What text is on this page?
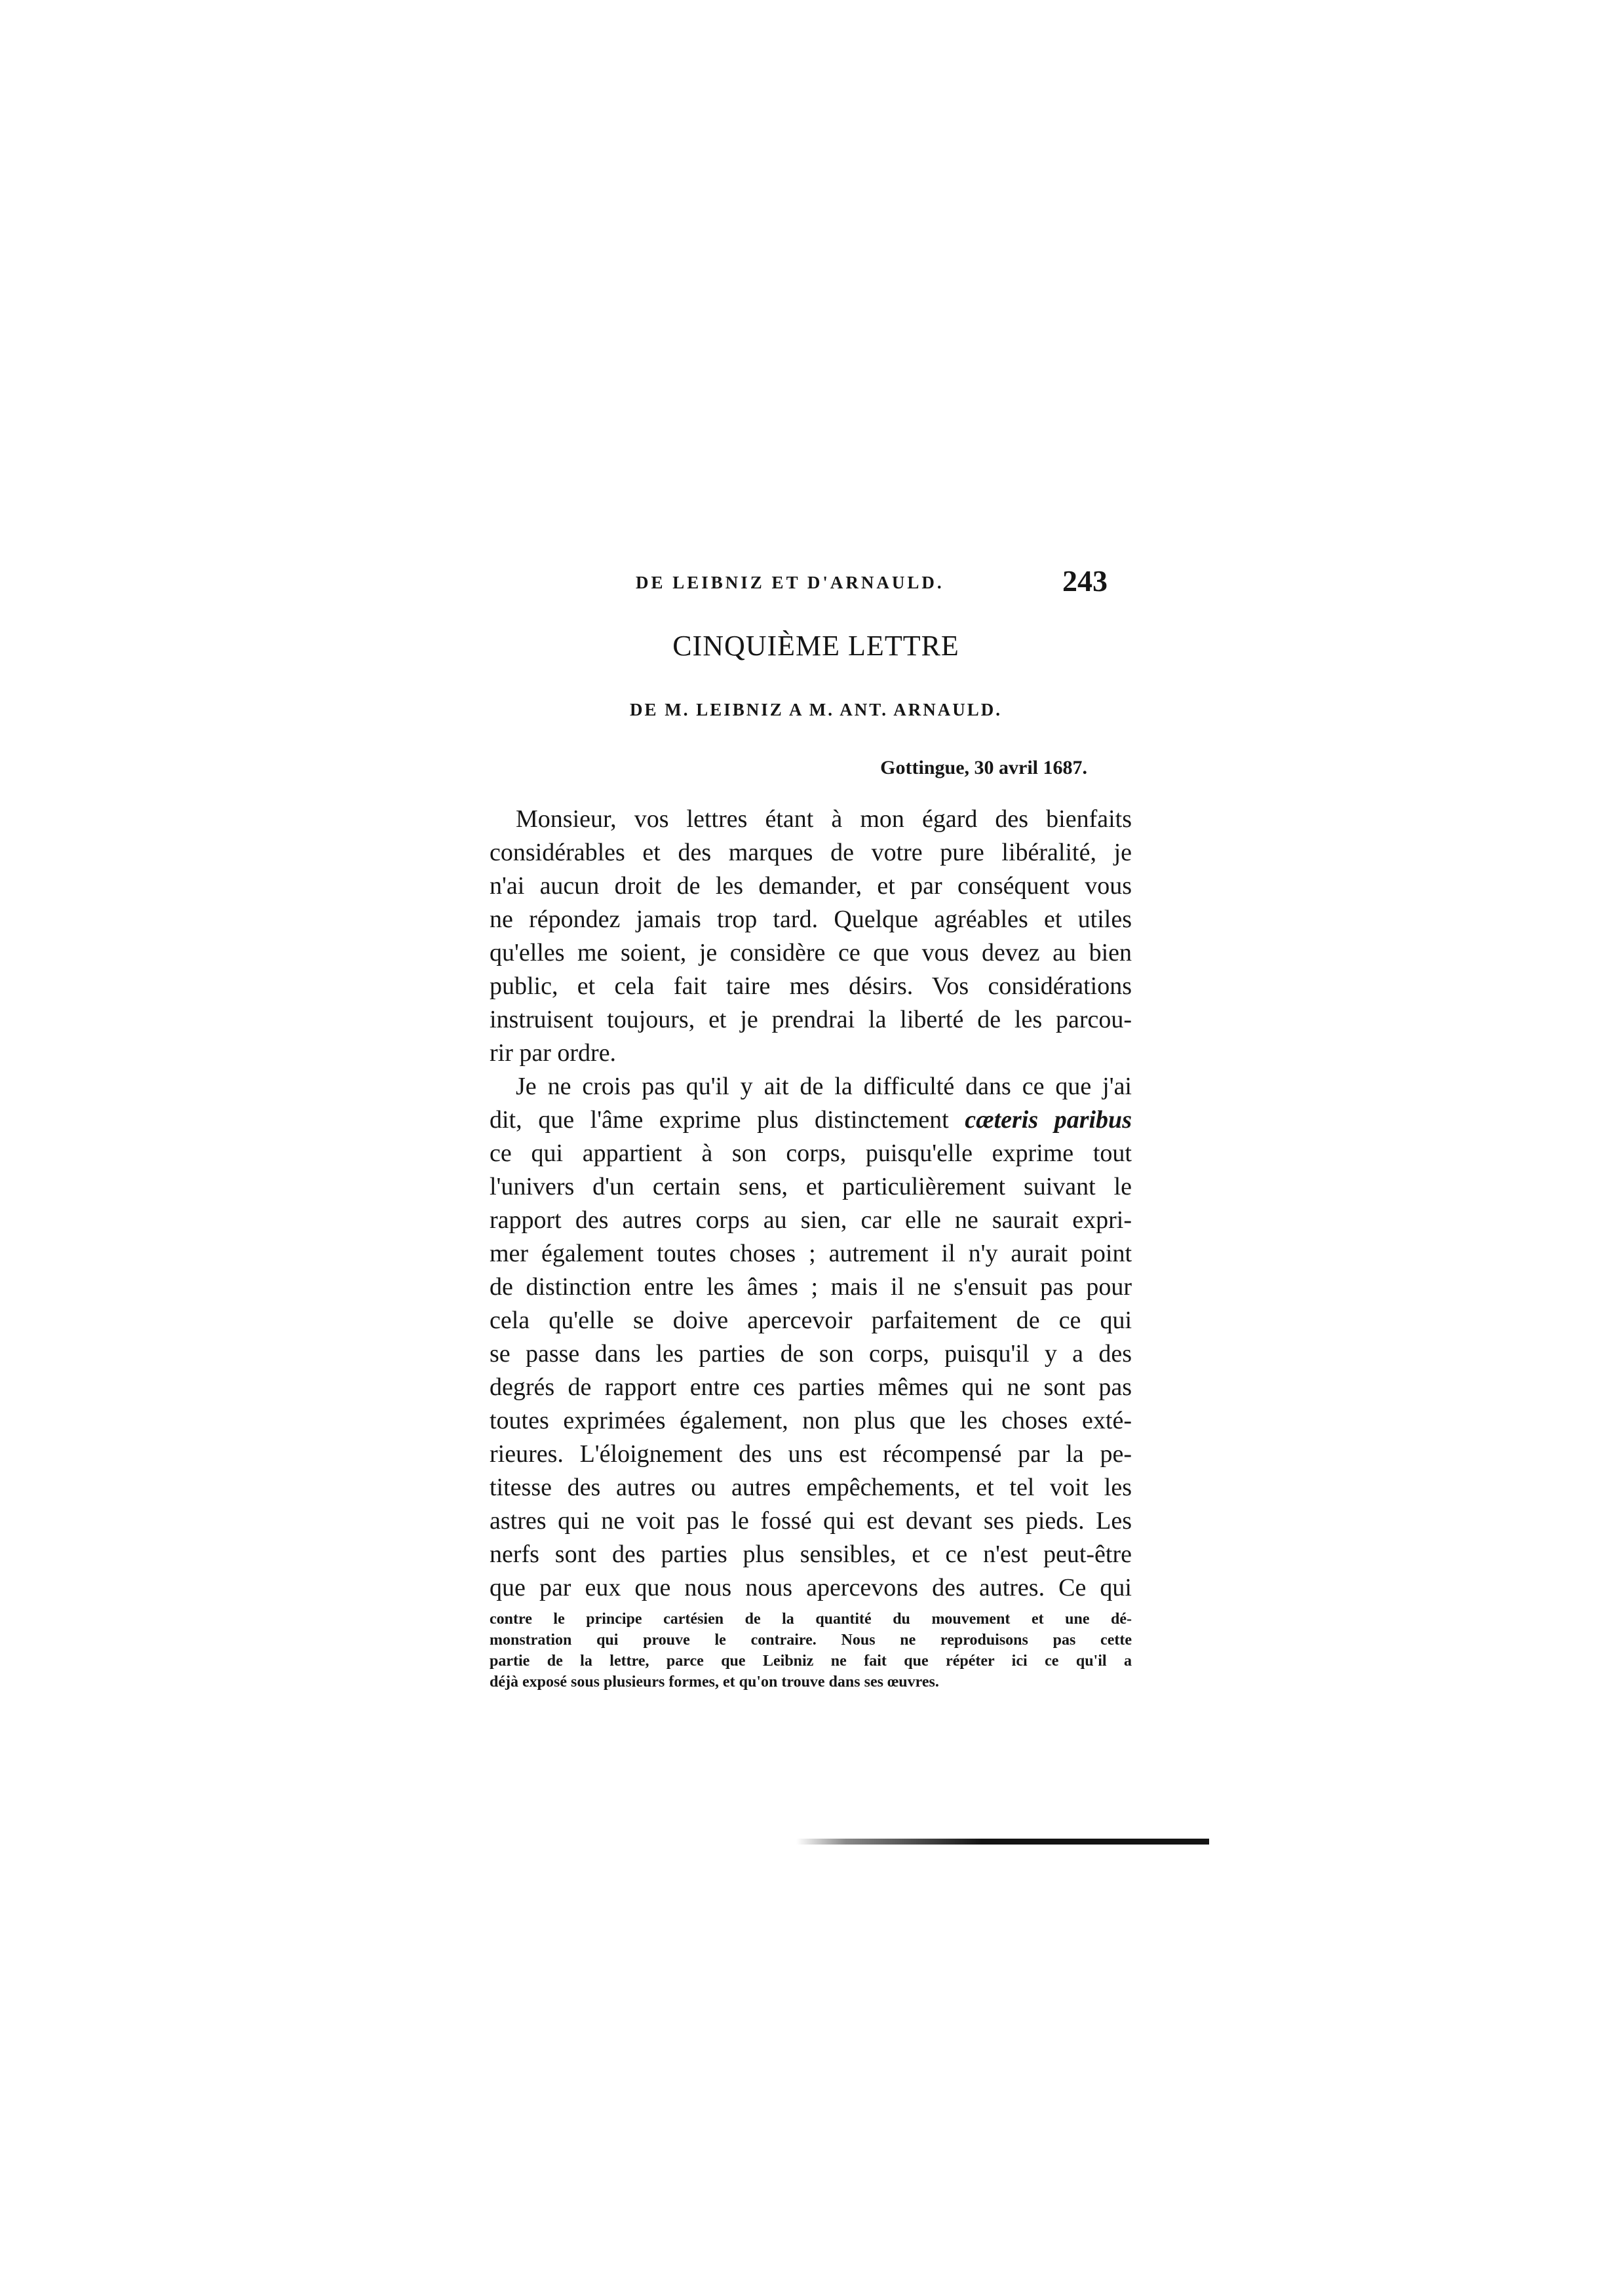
DE LEIBNIZ ET D'ARNAULD.	243
CINQUIÈME LETTRE
DE M. LEIBNIZ A M. ANT. ARNAULD.
Gottingue, 30 avril 1687.
Monsieur, vos lettres étant à mon égard des bienfaits
considérables et des marques de votre pure libéralité, je
n'ai aucun droit de les demander, et par conséquent vous
ne répondez jamais trop tard. Quelque agréables et utiles
qu'elles me soient, je considère ce que vous devez au bien
public, et cela fait taire mes désirs. Vos considérations
instruisent toujours, et je prendrai la liberté de les parcou-
rir par ordre.
Je ne crois pas qu'il y ait de la difficulté dans ce que j'ai
dit, que l'âme exprime plus distinctement cæteris paribus
ce qui appartient à son corps, puisqu'elle exprime tout
l'univers d'un certain sens, et particulièrement suivant le
rapport des autres corps au sien, car elle ne saurait expri-
mer également toutes choses ; autrement il n'y aurait point
de distinction entre les âmes ; mais il ne s'ensuit pas pour
cela qu'elle se doive apercevoir parfaitement de ce qui
se passe dans les parties de son corps, puisqu'il y a des
degrés de rapport entre ces parties mêmes qui ne sont pas
toutes exprimées également, non plus que les choses exté-
rieures. L'éloignement des uns est récompensé par la pe-
titesse des autres ou autres empêchements, et tel voit les
astres qui ne voit pas le fossé qui est devant ses pieds. Les
nerfs sont des parties plus sensibles, et ce n'est peut-être
que par eux que nous nous apercevons des autres. Ce qui
contre le principe cartésien de la quantité du mouvement et une dé-
monstration qui prouve le contraire. Nous ne reproduisons pas cette
partie de la lettre, parce que Leibniz ne fait que répéter ici ce qu'il a
déjà exposé sous plusieurs formes, et qu'on trouve dans ses œuvres.
